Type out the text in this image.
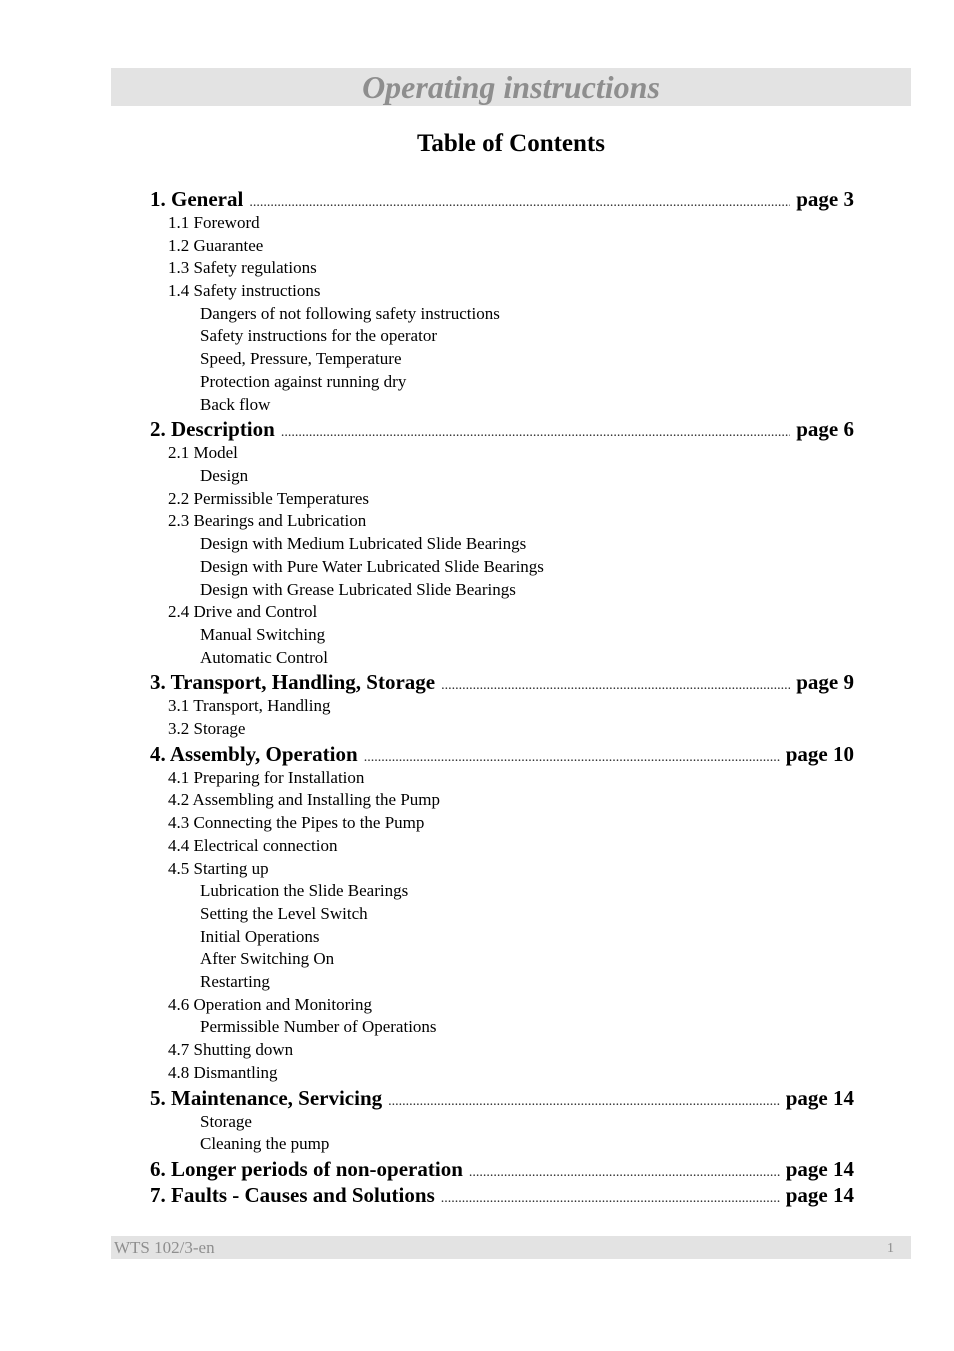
Operating instructions
Table of Contents
1. General .....	page 3
1.1 Foreword
1.2 Guarantee
1.3 Safety regulations
1.4 Safety instructions
Dangers of not following safety instructions
Safety instructions for the operator
Speed, Pressure, Temperature
Protection against running dry
Back flow
2. Description .....	page 6
2.1 Model
Design
2.2 Permissible Temperatures
2.3 Bearings and Lubrication
Design with Medium Lubricated Slide Bearings
Design with Pure Water Lubricated Slide Bearings
Design with Grease Lubricated Slide Bearings
2.4 Drive and Control
Manual Switching
Automatic Control
3. Transport, Handling, Storage .....	page 9
3.1 Transport, Handling
3.2 Storage
4. Assembly, Operation .....	page 10
4.1 Preparing for Installation
4.2 Assembling and Installing the Pump
4.3 Connecting the Pipes to the Pump
4.4 Electrical connection
4.5 Starting up
Lubrication the Slide Bearings
Setting the Level Switch
Initial Operations
After Switching On
Restarting
4.6 Operation and Monitoring
Permissible Number of Operations
4.7 Shutting down
4.8 Dismantling
5. Maintenance, Servicing .....	page 14
Storage
Cleaning the pump
6. Longer periods of non-operation .....	page 14
7. Faults - Causes and Solutions .....	page 14
WTS 102/3-en	1
